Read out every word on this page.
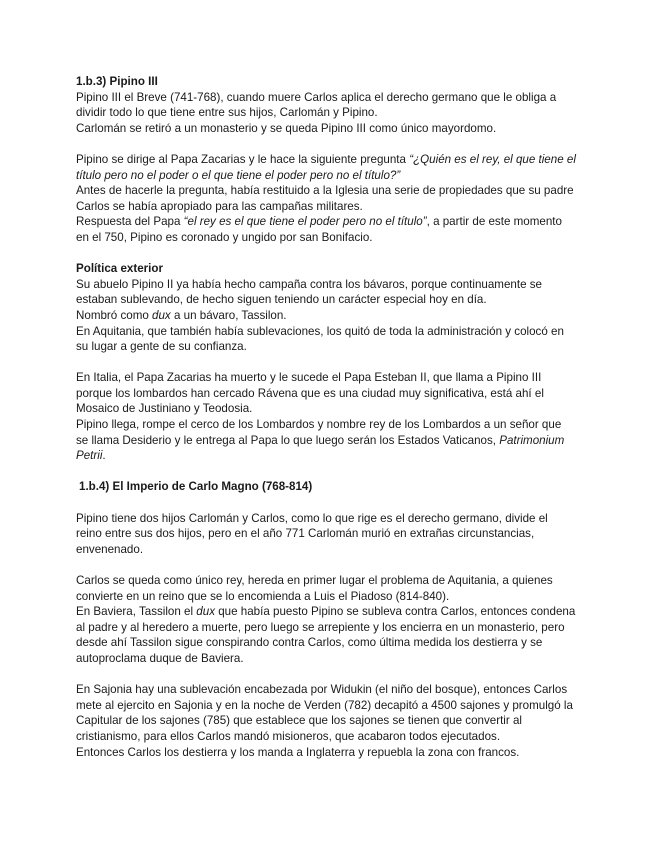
1.b.3) Pipino III

Pipino III el Breve (741-768), cuando muere Carlos aplica el derecho germano que le obliga a dividir todo lo que tiene entre sus hijos, Carlomán y Pipino.

Carlomán se retiró a un monasterio y se queda Pipino III como único mayordomo.

Pipino se dirige al Papa Zacarias y le hace la siguiente pregunta “¿Quién es el rey, el que tiene el título pero no el poder o el que tiene el poder pero no el título?”

Antes de hacerle la pregunta, había restituido a la Iglesia una serie de propiedades que su padre Carlos se había apropiado para las campañas militares.

Respuesta del Papa “el rey es el que tiene el poder pero no el título”, a partir de este momento en el 750, Pipino es coronado y ungido por san Bonifacio.

Política exterior

Su abuelo Pipino II ya había hecho campaña contra los bávaros, porque continuamente se estaban sublevando, de hecho siguen teniendo un carácter especial hoy en día.

Nombró como dux a un bávaro, Tassilon.

En Aquitania, que también había sublevaciones, los quitó de toda la administración y colocó en su lugar a gente de su confianza.

En Italia, el Papa Zacarias ha muerto y le sucede el Papa Esteban II, que llama a Pipino III porque los lombardos han cercado Rávena que es una ciudad muy significativa, está ahí el Mosaico de Justiniano y Teodosia.

Pipino llega, rompe el cerco de los Lombardos y nombre rey de los Lombardos a un señor que se llama Desiderio y le entrega al Papa lo que luego serán los Estados Vaticanos, Patrimonium Petrii.

1.b.4) El Imperio de Carlo Magno (768-814)

Pipino tiene dos hijos Carlomán y Carlos, como lo que rige es el derecho germano, divide el reino entre sus dos hijos, pero en el año 771 Carlomán murió en extrañas circunstancias, envenenado.

Carlos se queda como único rey, hereda en primer lugar el problema de Aquitania, a quienes convierte en un reino que se lo encomienda a Luis el Piadoso (814-840).

En Baviera, Tassilon el dux que había puesto Pipino se subleva contra Carlos, entonces condena al padre y al heredero a muerte, pero luego se arrepiente y los encierra en un monasterio, pero desde ahí Tassilon sigue conspirando contra Carlos, como última medida los destierra y se autoproclama duque de Baviera.

En Sajonia hay una sublevación encabezada por Widukin (el niño del bosque), entonces Carlos mete al ejercito en Sajonia y en la noche de Verden (782) decapitó a 4500 sajones y promulgó la Capitular de los sajones (785) que establece que los sajones se tienen que convertir al cristianismo, para ellos Carlos mandó misioneros, que acabaron todos ejecutados.

Entonces Carlos los destierra y los manda a Inglaterra y repuebla la zona con francos.
